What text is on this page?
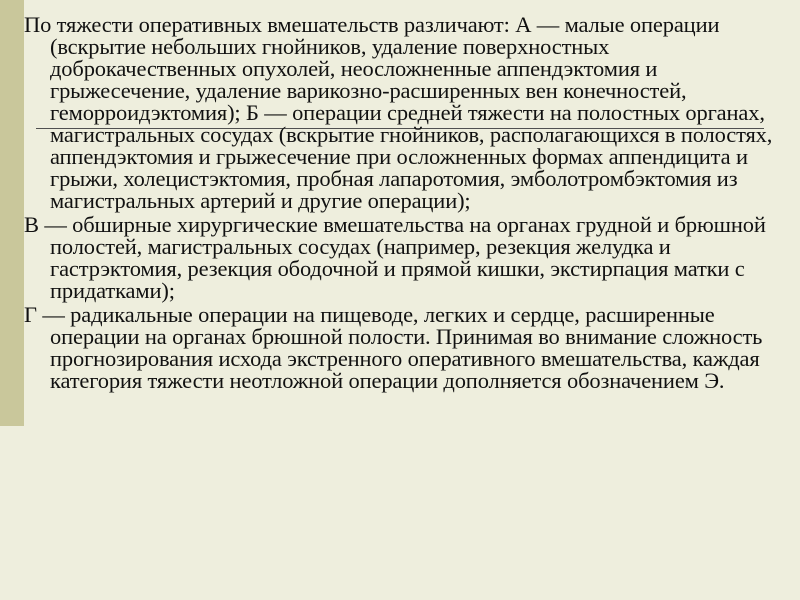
По тяжести оперативных вмешательств различают: А — малые операции (вскрытие небольших гнойников, удаление поверхностных доброкачественных опухолей, неосложненные аппендэктомия и грыжесечение, удаление варикозно-расширенных вен конечностей, геморроидэктомия); Б — операции средней тяжести на полостных органах, магистральных сосудах (вскрытие гнойников, располагающихся в полостях, аппендэктомия и грыжесечение при осложненных формах аппендицита и грыжи, холецистэктомия, пробная лапаротомия, эмболотромбэктомия из магистральных артерий и другие операции);

В — обширные хирургические вмешательства на органах грудной и брюшной полостей, магистральных сосудах (например, резекция желудка и гастрэктомия, резекция ободочной и прямой кишки, экстирпация матки с придатками);

Г — радикальные операции на пищеводе, легких и сердце, расширенные операции на органах брюшной полости. Принимая во внимание сложность прогнозирования исхода экстренного оперативного вмешательства, каждая категория тяжести неотложной операции дополняется обозначением Э.
